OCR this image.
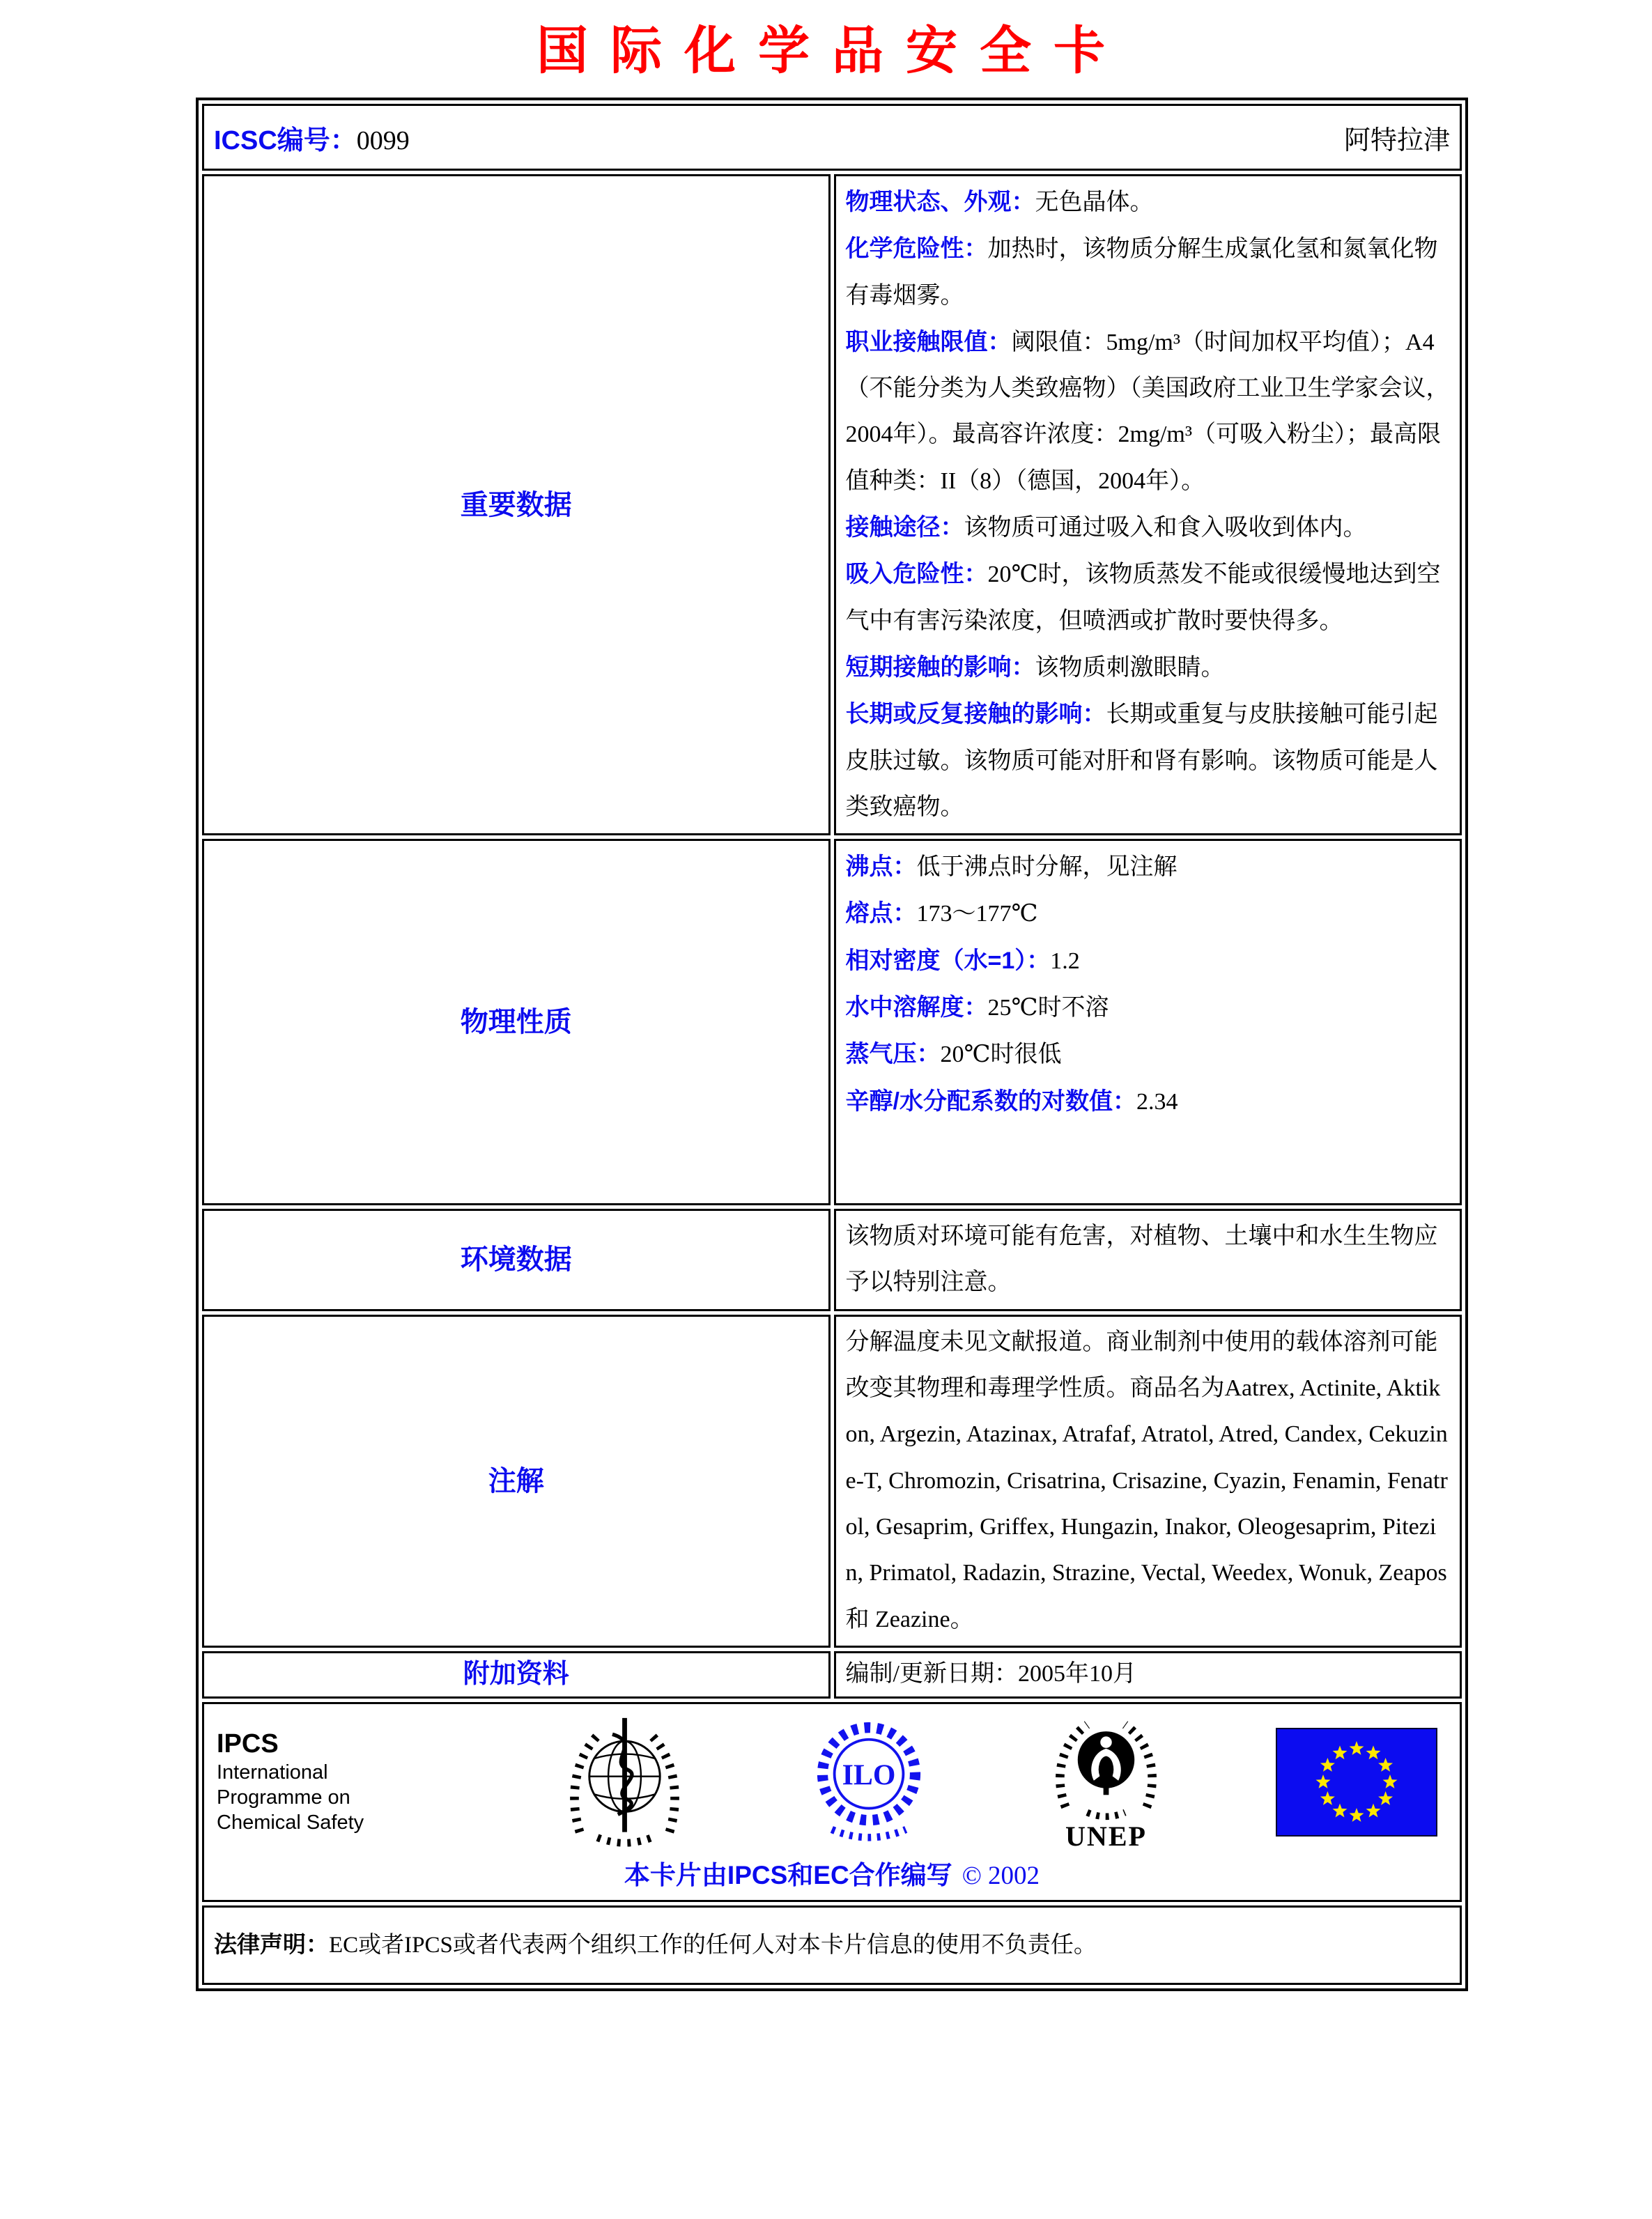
国际化学品安全卡
ICSC编号：0099 阿特拉津	

重要数据	

物理状态、外观：无色晶体。

化学危险性：加热时，该物质分解生成氯化氢和氮氧化物有毒烟雾。

职业接触限值：阈限值：5mg/m³（时间加权平均值）；A4（不能分类为人类致癌物）（美国政府工业卫生学家会议，2004年）。最高容许浓度：2mg/m³（可吸入粉尘）；最高限值种类：II（8）（德国，2004年）。

接触途径：该物质可通过吸入和食入吸收到体内。

吸入危险性：20℃时，该物质蒸发不能或很缓慢地达到空气中有害污染浓度，但喷洒或扩散时要快得多。

短期接触的影响：该物质刺激眼睛。

长期或反复接触的影响：长期或重复与皮肤接触可能引起皮肤过敏。该物质可能对肝和肾有影响。该物质可能是人类致癌物。

物理性质	

沸点：低于沸点时分解，见注解

熔点：173～177℃

相对密度（水=1）：1.2

水中溶解度：25℃时不溶

蒸气压：20℃时很低

辛醇/水分配系数的对数值：2.34

环境数据	该物质对环境可能有危害，对植物、土壤中和水生生物应予以特别注意。

注解	分解温度未见文献报道。商业制剂中使用的载体溶剂可能改变其物理和毒理学性质。商品名为Aatrex, Actinite, Aktikon, Argezin, Atazinax, Atrafaf, Atratol, Atred, Candex, Cekuzine-T, Chromozin, Crisatrina, Crisazine, Cyazin, Fenamin, Fenatrol, Gesaprim, Griffex, Hungazin, Inakor, Oleogesaprim, Pitezin, Primatol, Radazin, Strazine, Vectal, Weedex, Wonuk, Zeapos 和 Zeazine。

附加资料	编制/更新日期：2005年10月

IPCS
International
Programme on
Chemical Safety
ILO
UNEP
本卡片由IPCS和EC合作编写 © 2002

法律声明：EC或者IPCS或者代表两个组织工作的任何人对本卡片信息的使用不负责任。	
